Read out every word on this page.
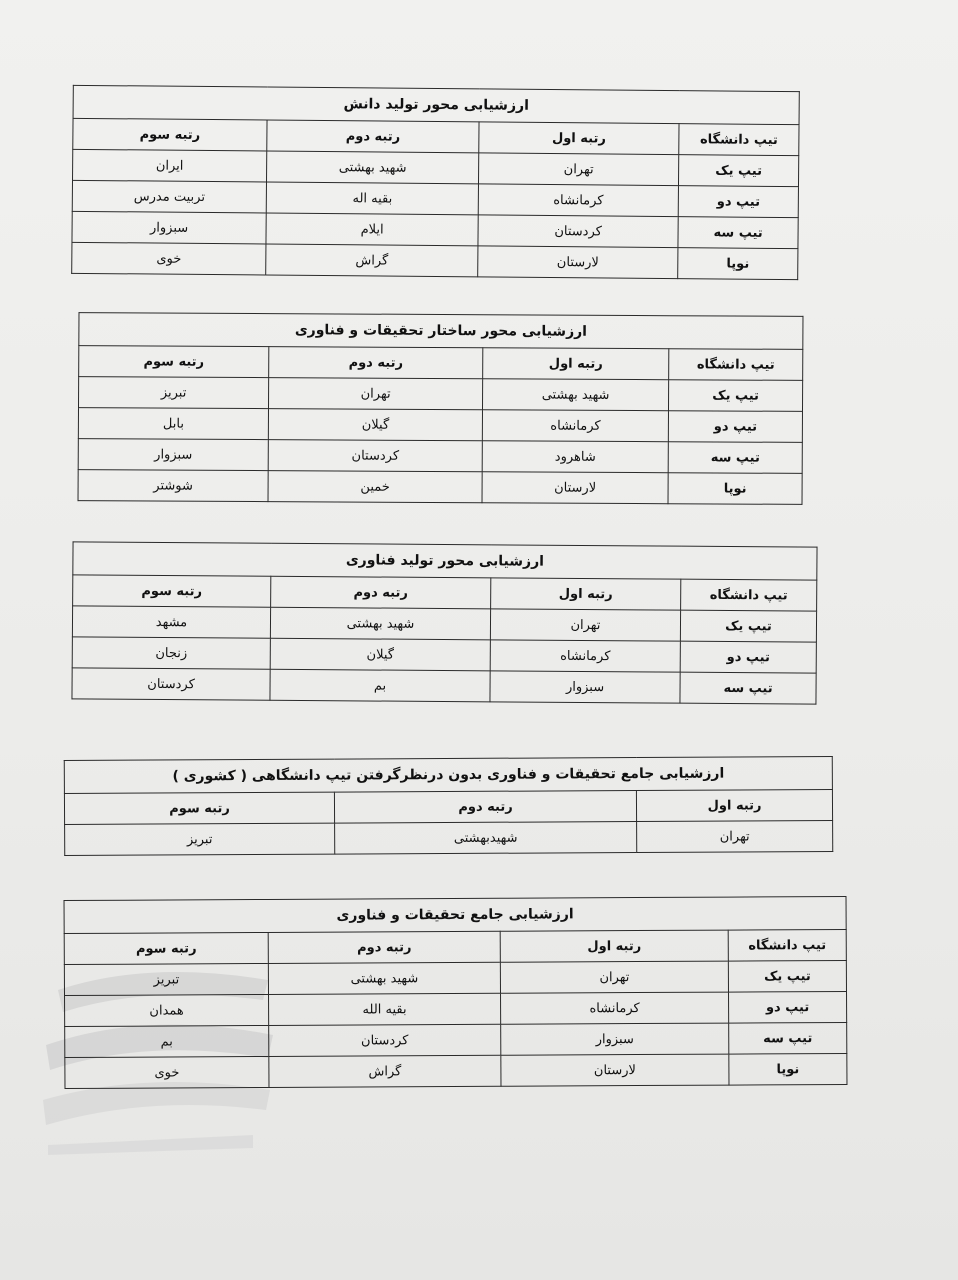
ارزشیابی محور تولید دانش			
تیپ دانشگاه	رتبه اول	رتبه دوم	رتبه سوم
تیپ یک	تهران	شهید بهشتی	ایران
تیپ دو	کرمانشاه	بقیه اله	تربیت مدرس
تیپ سه	کردستان	ایلام	سبزوار
نوپا	لارستان	گراش	خوی
ارزشیابی محور ساختار تحقیقات و فناوری			
تیپ دانشگاه	رتبه اول	رتبه دوم	رتبه سوم
تیپ یک	شهید بهشتی	تهران	تبریز
تیپ دو	کرمانشاه	گیلان	بابل
تیپ سه	شاهرود	کردستان	سبزوار
نوپا	لارستان	خمین	شوشتر
ارزشیابی محور تولید فناوری			
تیپ دانشگاه	رتبه اول	رتبه دوم	رتبه سوم
تیپ یک	تهران	شهید بهشتی	مشهد
تیپ دو	کرمانشاه	گیلان	زنجان
تیپ سه	سبزوار	بم	کردستان
ارزشیابی جامع تحقیقات و فناوری بدون درنظرگرفتن تیپ دانشگاهی ( کشوری )		
رتبه اول	رتبه دوم	رتبه سوم
تهران	شهیدبهشتی	تبریز
ارزشیابی جامع تحقیقات و فناوری			
تیپ دانشگاه	رتبه اول	رتبه دوم	رتبه سوم
تیپ یک	تهران	شهید بهشتی	تبریز
تیپ دو	کرمانشاه	بقیه الله	همدان
تیپ سه	سبزوار	کردستان	بم
نوپا	لارستان	گراش	خوی
